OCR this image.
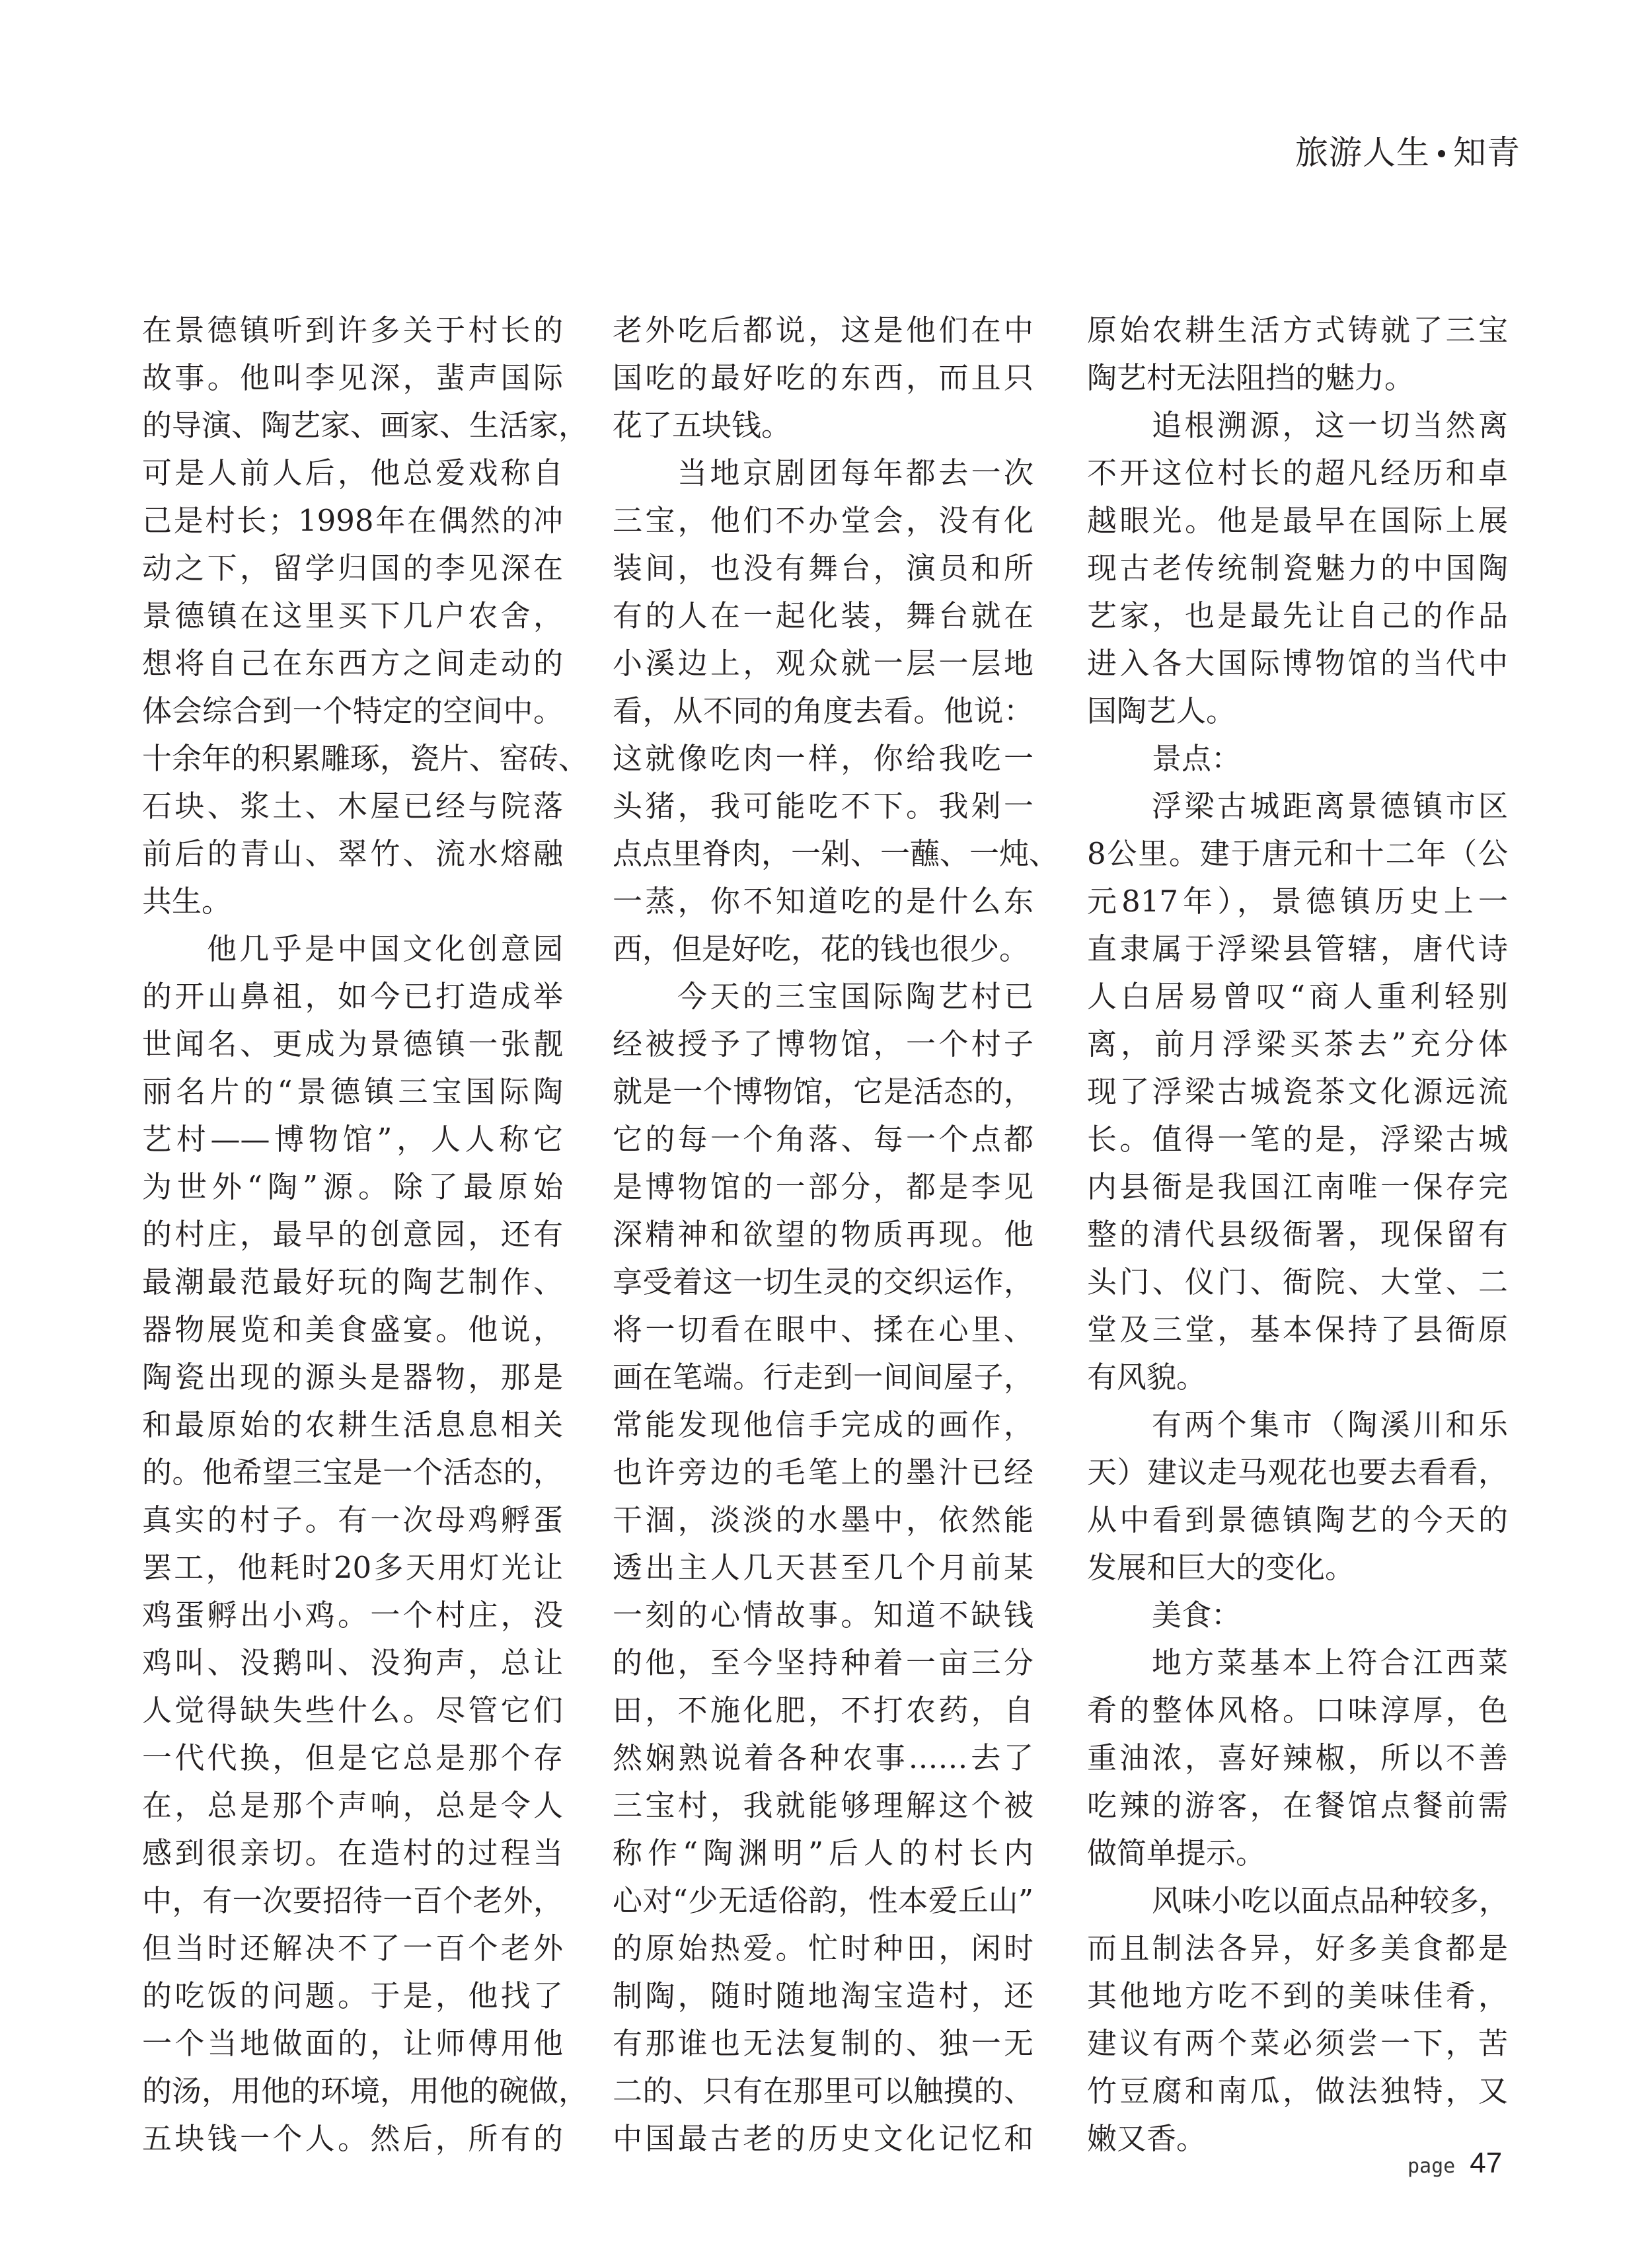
旅游人生 知青
在景德镇听到许多关于村长的
故事。他叫李见深，蜚声国际
的导演、陶艺家、画家、生活家，
可是人前人后，他总爱戏称自
己是村长；1998年在偶然的冲
动之下，留学归国的李见深在
景德镇在这里买下几户农舍，
想将自己在东西方之间走动的
体会综合到一个特定的空间中。
十余年的积累雕琢，瓷片、窑砖、
石块、浆土、木屋已经与院落
前后的青山、翠竹、流水熔融
共生。
他几乎是中国文化创意园
的开山鼻祖，如今已打造成举
世闻名、更成为景德镇一张靓
丽名片的“景德镇三宝国际陶
艺村——博物馆”，人人称它
为世外“陶”源。除了最原始
的村庄，最早的创意园，还有
最潮最范最好玩的陶艺制作、
器物展览和美食盛宴。他说，
陶瓷出现的源头是器物，那是
和最原始的农耕生活息息相关
的。他希望三宝是一个活态的，
真实的村子。有一次母鸡孵蛋
罢工，他耗时20多天用灯光让
鸡蛋孵出小鸡。一个村庄，没
鸡叫、没鹅叫、没狗声，总让
人觉得缺失些什么。尽管它们
一代代换，但是它总是那个存
在，总是那个声响，总是令人
感到很亲切。在造村的过程当
中，有一次要招待一百个老外，
但当时还解决不了一百个老外
的吃饭的问题。于是，他找了
一个当地做面的，让师傅用他
的汤，用他的环境，用他的碗做，
五块钱一个人。然后，所有的
老外吃后都说，这是他们在中
国吃的最好吃的东西，而且只
花了五块钱。
当地京剧团每年都去一次
三宝，他们不办堂会，没有化
装间，也没有舞台，演员和所
有的人在一起化装，舞台就在
小溪边上，观众就一层一层地
看，从不同的角度去看。他说：
这就像吃肉一样，你给我吃一
头猪，我可能吃不下。我剁一
点点里脊肉，一剁、一蘸、一炖、
一蒸，你不知道吃的是什么东
西，但是好吃，花的钱也很少。
今天的三宝国际陶艺村已
经被授予了博物馆，一个村子
就是一个博物馆，它是活态的，
它的每一个角落、每一个点都
是博物馆的一部分，都是李见
深精神和欲望的物质再现。他
享受着这一切生灵的交织运作，
将一切看在眼中、揉在心里、
画在笔端。行走到一间间屋子，
常能发现他信手完成的画作，
也许旁边的毛笔上的墨汁已经
干涸，淡淡的水墨中，依然能
透出主人几天甚至几个月前某
一刻的心情故事。知道不缺钱
的他，至今坚持种着一亩三分
田，不施化肥，不打农药，自
然娴熟说着各种农事……去了
三宝村，我就能够理解这个被
称作“陶渊明”后人的村长内
心对“少无适俗韵，性本爱丘山”
的原始热爱。忙时种田，闲时
制陶，随时随地淘宝造村，还
有那谁也无法复制的、独一无
二的、只有在那里可以触摸的、
中国最古老的历史文化记忆和
原始农耕生活方式铸就了三宝
陶艺村无法阻挡的魅力。
追根溯源，这一切当然离
不开这位村长的超凡经历和卓
越眼光。他是最早在国际上展
现古老传统制瓷魅力的中国陶
艺家，也是最先让自己的作品
进入各大国际博物馆的当代中
国陶艺人。
景点：
浮梁古城距离景德镇市区
8公里。建于唐元和十二年（公
元817年），景德镇历史上一
直隶属于浮梁县管辖，唐代诗
人白居易曾叹“商人重利轻别
离，前月浮梁买茶去”充分体
现了浮梁古城瓷茶文化源远流
长。值得一笔的是，浮梁古城
内县衙是我国江南唯一保存完
整的清代县级衙署，现保留有
头门、仪门、衙院、大堂、二
堂及三堂，基本保持了县衙原
有风貌。
有两个集市（陶溪川和乐
天）建议走马观花也要去看看，
从中看到景德镇陶艺的今天的
发展和巨大的变化。
美食：
地方菜基本上符合江西菜
肴的整体风格。口味淳厚，色
重油浓，喜好辣椒，所以不善
吃辣的游客，在餐馆点餐前需
做简单提示。
风味小吃以面点品种较多，
而且制法各异，好多美食都是
其他地方吃不到的美味佳肴，
建议有两个菜必须尝一下，苦
竹豆腐和南瓜，做法独特，又
嫩又香。
page 47
